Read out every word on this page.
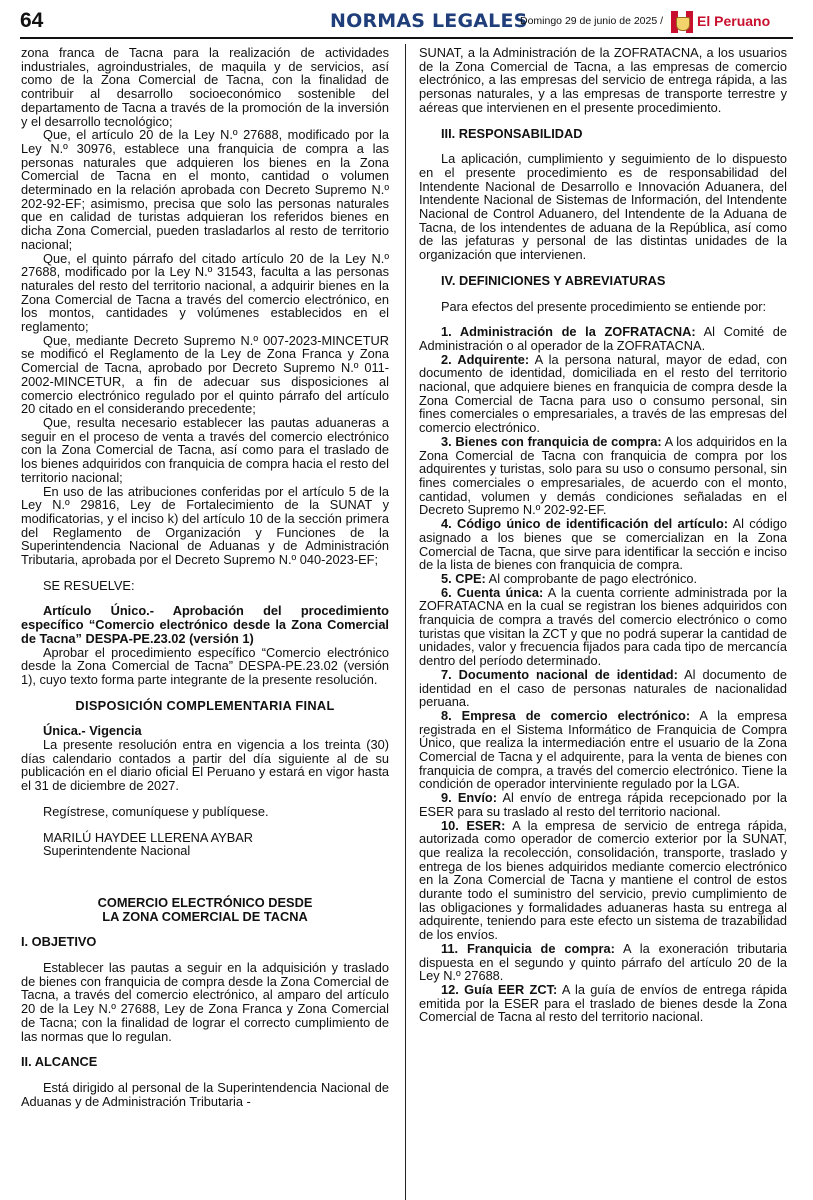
64	NORMAS LEGALES
Domingo 29 de junio de 2025 / El Peruano

zona franca de Tacna para la realización de actividades industriales, agroindustriales, de maquila y de servicios, así como de la Zona Comercial de Tacna, con la finalidad de contribuir al desarrollo socioeconómico sostenible del departamento de Tacna a través de la promoción de la inversión y el desarrollo tecnológico;

Que, el artículo 20 de la Ley N.º 27688, modificado por la Ley N.º 30976, establece una franquicia de compra a las personas naturales que adquieren los bienes en la Zona Comercial de Tacna en el monto, cantidad o volumen determinado en la relación aprobada con Decreto Supremo N.º 202-92-EF; asimismo, precisa que solo las personas naturales que en calidad de turistas adquieran los referidos bienes en dicha Zona Comercial, pueden trasladarlos al resto de territorio nacional;

Que, el quinto párrafo del citado artículo 20 de la Ley N.º 27688, modificado por la Ley N.º 31543, faculta a las personas naturales del resto del territorio nacional, a adquirir bienes en la Zona Comercial de Tacna a través del comercio electrónico, en los montos, cantidades y volúmenes establecidos en el reglamento;

Que, mediante Decreto Supremo N.º 007-2023-MINCETUR se modificó el Reglamento de la Ley de Zona Franca y Zona Comercial de Tacna, aprobado por Decreto Supremo N.º 011-2002-MINCETUR, a fin de adecuar sus disposiciones al comercio electrónico regulado por el quinto párrafo del artículo 20 citado en el considerando precedente;

Que, resulta necesario establecer las pautas aduaneras a seguir en el proceso de venta a través del comercio electrónico con la Zona Comercial de Tacna, así como para el traslado de los bienes adquiridos con franquicia de compra hacia el resto del territorio nacional;

En uso de las atribuciones conferidas por el artículo 5 de la Ley N.º 29816, Ley de Fortalecimiento de la SUNAT y modificatorias, y el inciso k) del artículo 10 de la sección primera del Reglamento de Organización y Funciones de la Superintendencia Nacional de Aduanas y de Administración Tributaria, aprobada por el Decreto Supremo N.º 040-2023-EF;

SE RESUELVE:

Artículo Único.- Aprobación del procedimiento específico “Comercio electrónico desde la Zona Comercial de Tacna” DESPA-PE.23.02 (versión 1)

Aprobar el procedimiento específico “Comercio electrónico desde la Zona Comercial de Tacna” DESPA-PE.23.02 (versión 1), cuyo texto forma parte integrante de la presente resolución.

DISPOSICIÓN COMPLEMENTARIA FINAL

Única.- Vigencia

La presente resolución entra en vigencia a los treinta (30) días calendario contados a partir del día siguiente al de su publicación en el diario oficial El Peruano y estará en vigor hasta el 31 de diciembre de 2027.

Regístrese, comuníquese y publíquese.

MARILÚ HAYDEE LLERENA AYBAR

Superintendente Nacional

COMERCIO ELECTRÓNICO DESDE

LA ZONA COMERCIAL DE TACNA

I. OBJETIVO

Establecer las pautas a seguir en la adquisición y traslado de bienes con franquicia de compra desde la Zona Comercial de Tacna, a través del comercio electrónico, al amparo del artículo 20 de la Ley N.º 27688, Ley de Zona Franca y Zona Comercial de Tacna; con la finalidad de lograr el correcto cumplimiento de las normas que lo regulan.

II. ALCANCE

Está dirigido al personal de la Superintendencia Nacional de Aduanas y de Administración Tributaria -

SUNAT, a la Administración de la ZOFRATACNA, a los usuarios de la Zona Comercial de Tacna, a las empresas de comercio electrónico, a las empresas del servicio de entrega rápida, a las personas naturales, y a las empresas de transporte terrestre y aéreas que intervienen en el presente procedimiento.

III. RESPONSABILIDAD

La aplicación, cumplimiento y seguimiento de lo dispuesto en el presente procedimiento es de responsabilidad del Intendente Nacional de Desarrollo e Innovación Aduanera, del Intendente Nacional de Sistemas de Información, del Intendente Nacional de Control Aduanero, del Intendente de la Aduana de Tacna, de los intendentes de aduana de la República, así como de las jefaturas y personal de las distintas unidades de la organización que intervienen.

IV. DEFINICIONES Y ABREVIATURAS

Para efectos del presente procedimiento se entiende por:

1. Administración de la ZOFRATACNA: Al Comité de Administración o al operador de la ZOFRATACNA.

2. Adquirente: A la persona natural, mayor de edad, con documento de identidad, domiciliada en el resto del territorio nacional, que adquiere bienes en franquicia de compra desde la Zona Comercial de Tacna para uso o consumo personal, sin fines comerciales o empresariales, a través de las empresas del comercio electrónico.

3. Bienes con franquicia de compra: A los adquiridos en la Zona Comercial de Tacna con franquicia de compra por los adquirentes y turistas, solo para su uso o consumo personal, sin fines comerciales o empresariales, de acuerdo con el monto, cantidad, volumen y demás condiciones señaladas en el Decreto Supremo N.º 202-92-EF.

4. Código único de identificación del artículo: Al código asignado a los bienes que se comercializan en la Zona Comercial de Tacna, que sirve para identificar la sección e inciso de la lista de bienes con franquicia de compra.

5. CPE: Al comprobante de pago electrónico.

6. Cuenta única: A la cuenta corriente administrada por la ZOFRATACNA en la cual se registran los bienes adquiridos con franquicia de compra a través del comercio electrónico o como turistas que visitan la ZCT y que no podrá superar la cantidad de unidades, valor y frecuencia fijados para cada tipo de mercancía dentro del período determinado.

7. Documento nacional de identidad: Al documento de identidad en el caso de personas naturales de nacionalidad peruana.

8. Empresa de comercio electrónico: A la empresa registrada en el Sistema Informático de Franquicia de Compra Único, que realiza la intermediación entre el usuario de la Zona Comercial de Tacna y el adquirente, para la venta de bienes con franquicia de compra, a través del comercio electrónico. Tiene la condición de operador interviniente regulado por la LGA.

9. Envío: Al envío de entrega rápida recepcionado por la ESER para su traslado al resto del territorio nacional.

10. ESER: A la empresa de servicio de entrega rápida, autorizada como operador de comercio exterior por la SUNAT, que realiza la recolección, consolidación, transporte, traslado y entrega de los bienes adquiridos mediante comercio electrónico en la Zona Comercial de Tacna y mantiene el control de estos durante todo el suministro del servicio, previo cumplimiento de las obligaciones y formalidades aduaneras hasta su entrega al adquirente, teniendo para este efecto un sistema de trazabilidad de los envíos.

11. Franquicia de compra: A la exoneración tributaria dispuesta en el segundo y quinto párrafo del artículo 20 de la Ley N.º 27688.

12. Guía EER ZCT: A la guía de envíos de entrega rápida emitida por la ESER para el traslado de bienes desde la Zona Comercial de Tacna al resto del territorio nacional.
